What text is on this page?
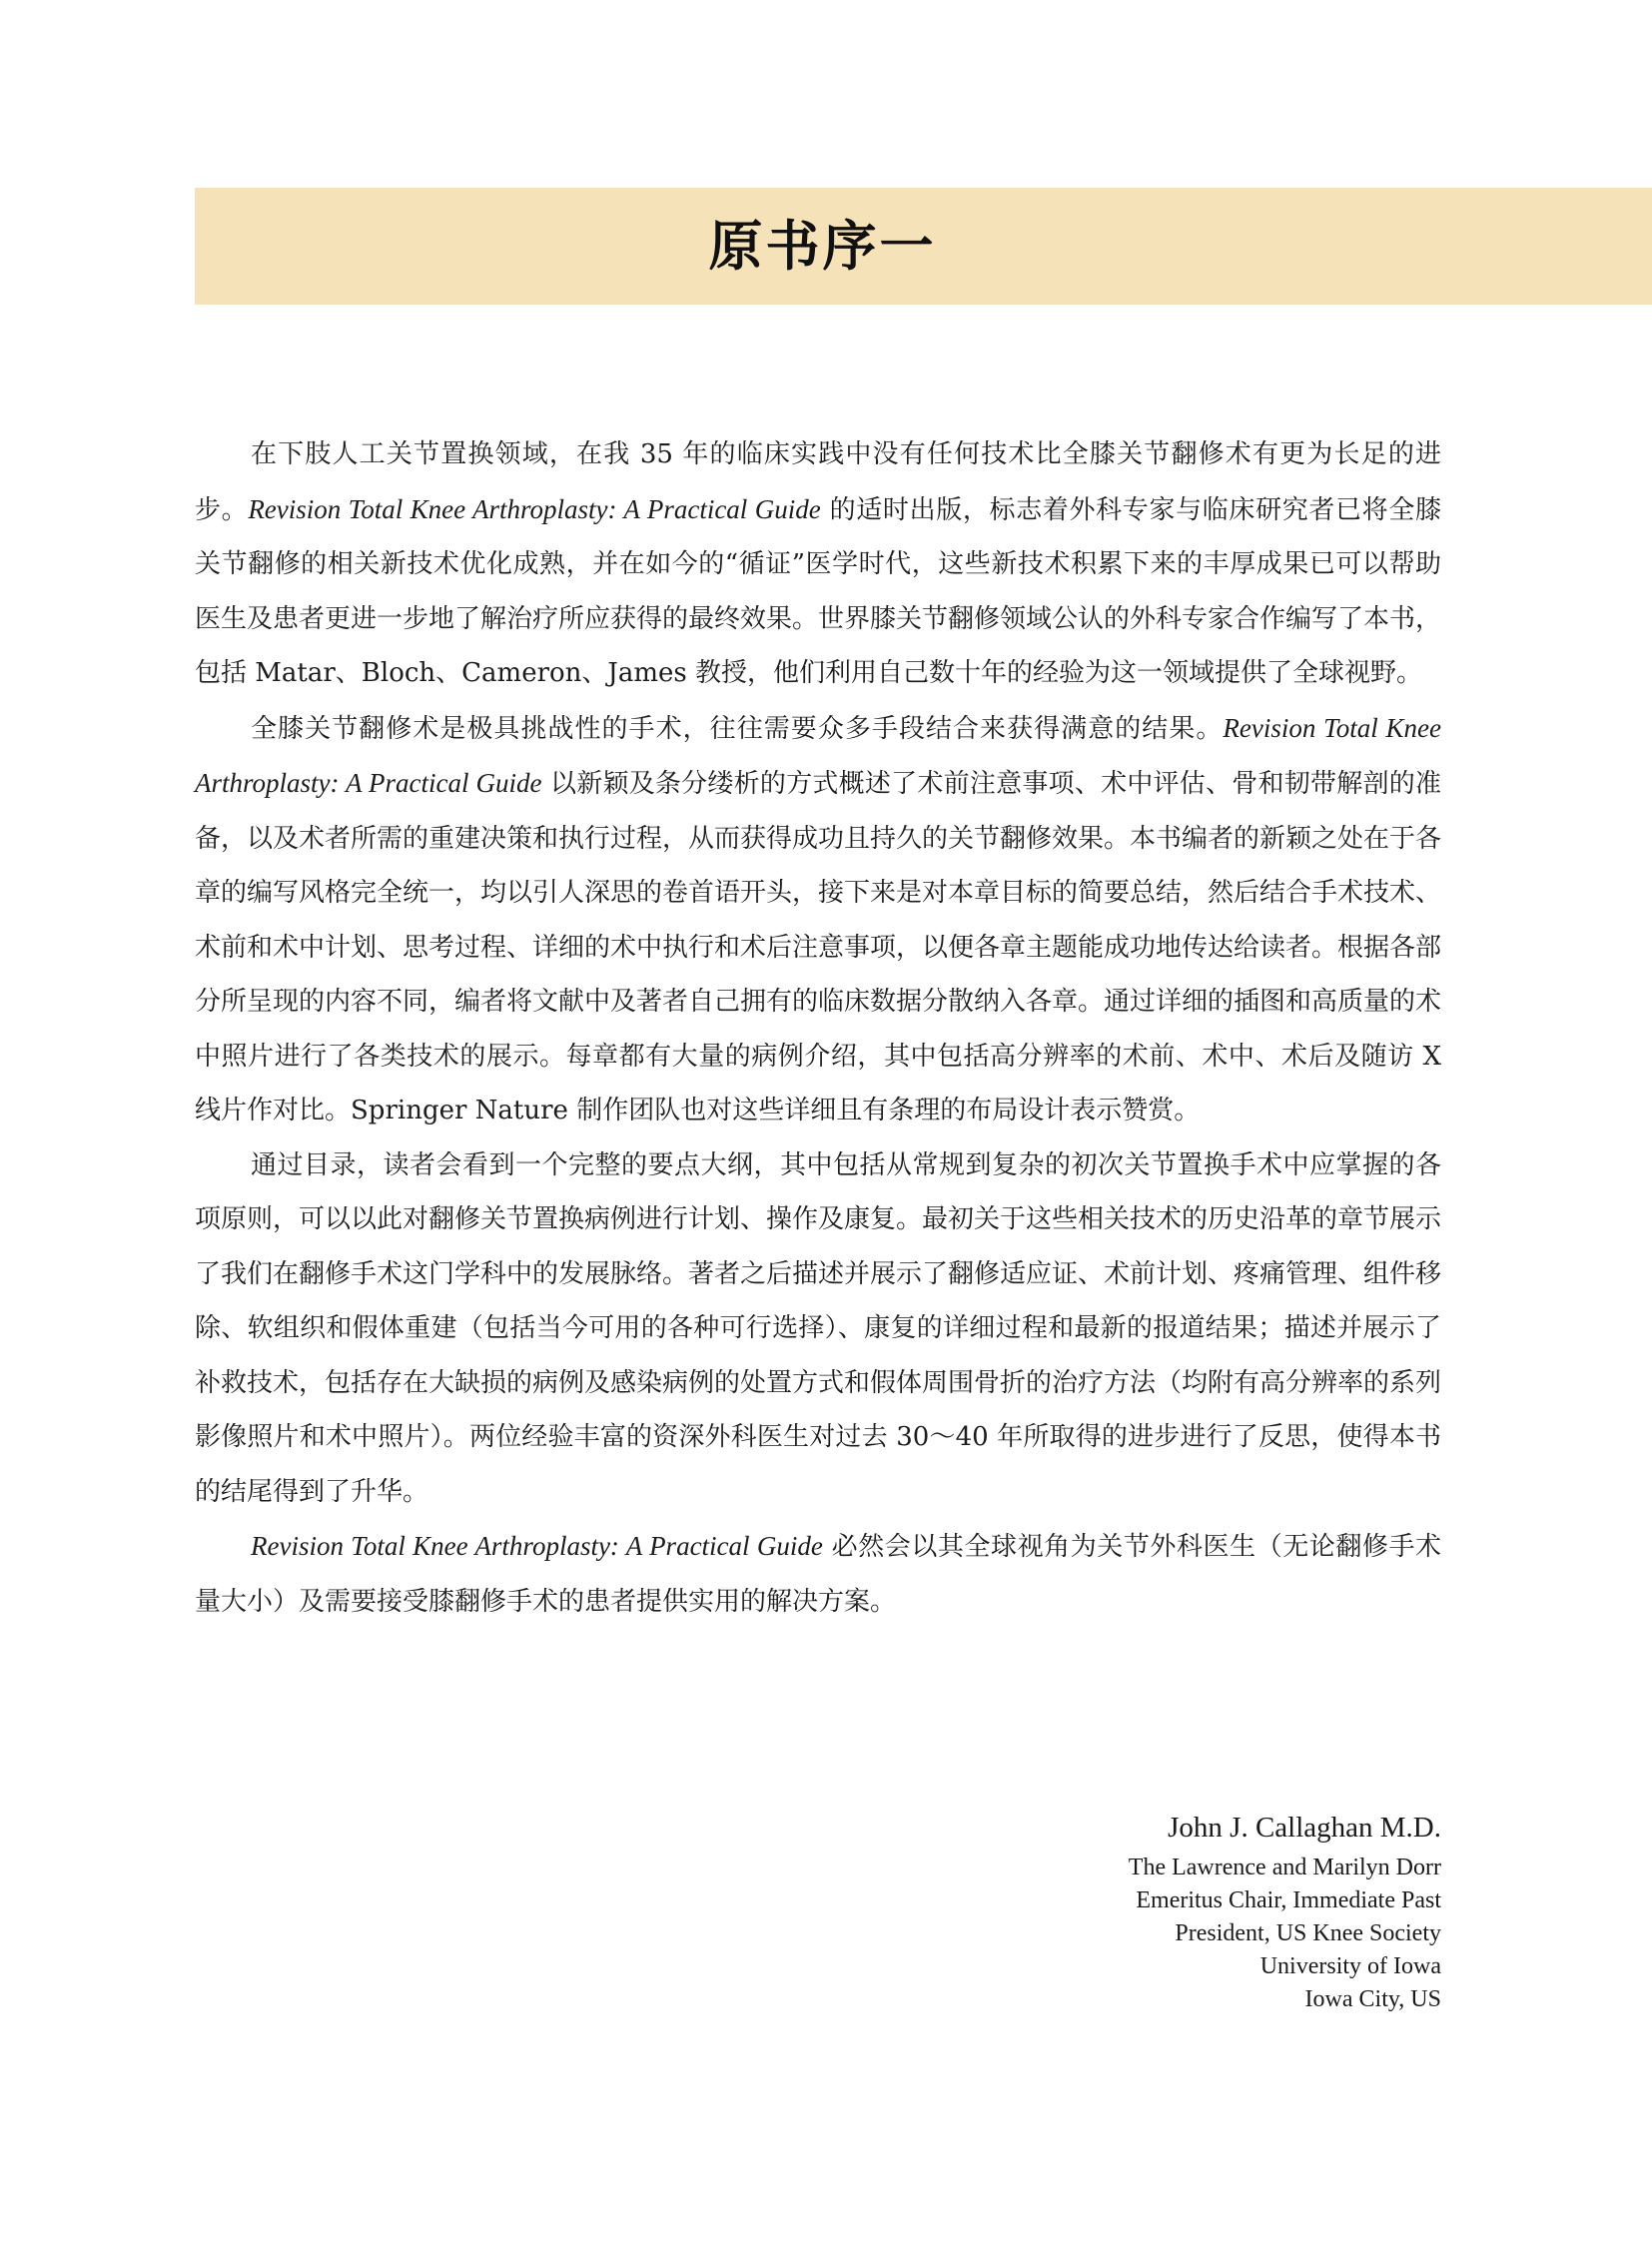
原书序一

在下肢人工关节置换领域，在我 35 年的临床实践中没有任何技术比全膝关节翻修术有更为长足的进步。Revision Total Knee Arthroplasty: A Practical Guide 的适时出版，标志着外科专家与临床研究者已将全膝关节翻修的相关新技术优化成熟，并在如今的“循证”医学时代，这些新技术积累下来的丰厚成果已可以帮助医生及患者更进一步地了解治疗所应获得的最终效果。世界膝关节翻修领域公认的外科专家合作编写了本书，包括 Matar、Bloch、Cameron、James 教授，他们利用自己数十年的经验为这一领域提供了全球视野。

全膝关节翻修术是极具挑战性的手术，往往需要众多手段结合来获得满意的结果。Revision Total Knee Arthroplasty: A Practical Guide 以新颖及条分缕析的方式概述了术前注意事项、术中评估、骨和韧带解剖的准备，以及术者所需的重建决策和执行过程，从而获得成功且持久的关节翻修效果。本书编者的新颖之处在于各章的编写风格完全统一，均以引人深思的卷首语开头，接下来是对本章目标的简要总结，然后结合手术技术、术前和术中计划、思考过程、详细的术中执行和术后注意事项，以便各章主题能成功地传达给读者。根据各部分所呈现的内容不同，编者将文献中及著者自己拥有的临床数据分散纳入各章。通过详细的插图和高质量的术中照片进行了各类技术的展示。每章都有大量的病例介绍，其中包括高分辨率的术前、术中、术后及随访 X 线片作对比。Springer Nature 制作团队也对这些详细且有条理的布局设计表示赞赏。

通过目录，读者会看到一个完整的要点大纲，其中包括从常规到复杂的初次关节置换手术中应掌握的各项原则，可以以此对翻修关节置换病例进行计划、操作及康复。最初关于这些相关技术的历史沿革的章节展示了我们在翻修手术这门学科中的发展脉络。著者之后描述并展示了翻修适应证、术前计划、疼痛管理、组件移除、软组织和假体重建（包括当今可用的各种可行选择）、康复的详细过程和最新的报道结果；描述并展示了补救技术，包括存在大缺损的病例及感染病例的处置方式和假体周围骨折的治疗方法（均附有高分辨率的系列影像照片和术中照片）。两位经验丰富的资深外科医生对过去 30～40 年所取得的进步进行了反思，使得本书的结尾得到了升华。

Revision Total Knee Arthroplasty: A Practical Guide 必然会以其全球视角为关节外科医生（无论翻修手术量大小）及需要接受膝翻修手术的患者提供实用的解决方案。

John J. Callaghan M.D.
The Lawrence and Marilyn Dorr
Emeritus Chair, Immediate Past
President, US Knee Society
University of Iowa
Iowa City, US
